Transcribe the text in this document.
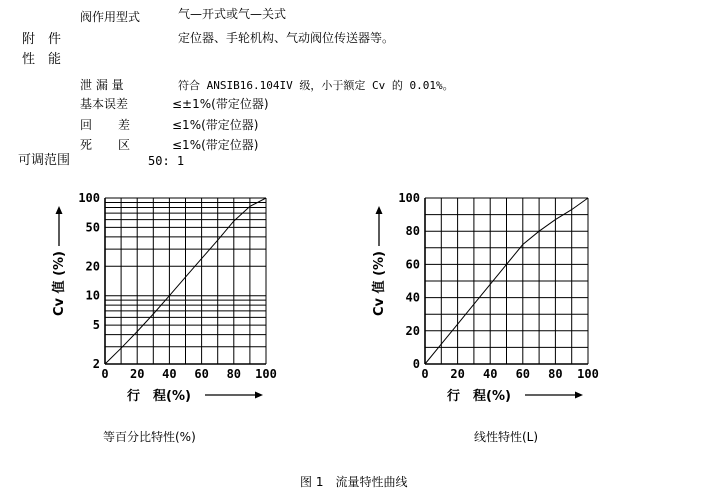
阀作用型式	气—开式或气—关式
附　件
性　能
定位器、手轮机构、气动阀位传送器等。
泄 漏 量	符合 ANSIB16.104IV 级，小于额定 Cv 的 0.01%。
基本误差	≤±1%(带定位器)
回 差	≤1%(带定位器)
死 区	≤1%(带定位器)
可调范围	50: 1
2
5
10
20
50
100
0 20 40 60 80 100
行　程(%)
Cv 值 (%)
0
20
40
60
80
100
0 20 40 60 80 100
行　程(%)
Cv 值 (%)
等百分比特性(%)	线性特性(L)
图 1　流量特性曲线
